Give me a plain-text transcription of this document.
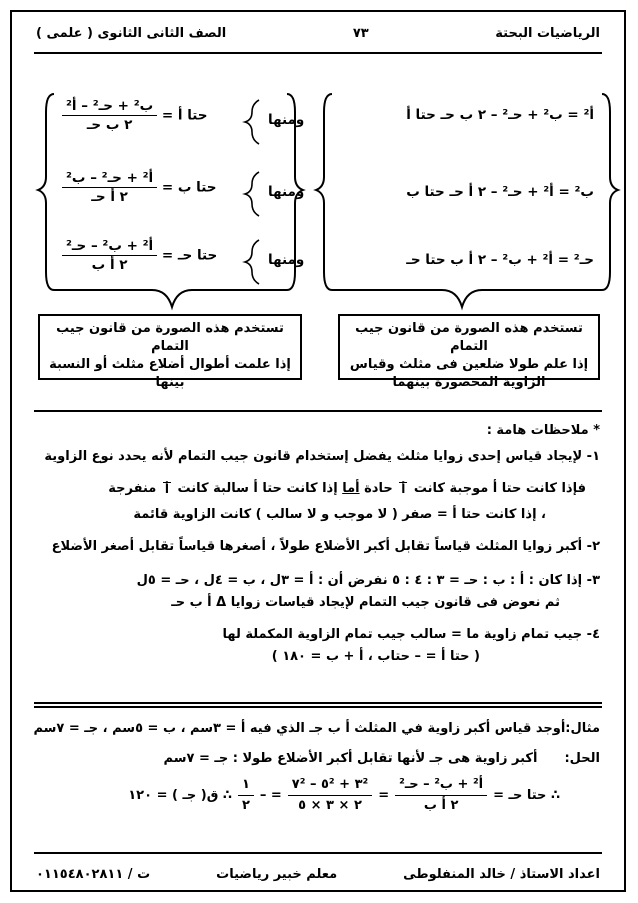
الرياضيات البحتة
٧٣
الصف الثانى الثانوى ( علمى )
أ² = ب² + حـ² – ٢ ب حـ حتا أ
ب² = أ² + حـ² – ٢ أ حـ حتا ب
حـ² = أ² + ب² – ٢ أ ب حتا حـ
ومنها
ومنها
ومنها
حتا أ =
$\frac{\text{ب² + حـ² – أ²}}{\text{٢ ب حـ}}$
حتا ب =
$\frac{\text{أ² + حـ² – ب²}}{\text{٢ أ حـ}}$
حتا حـ =
$\frac{\text{أ² + ب² – حـ²}}{\text{٢ أ ب}}$
تستخدم هذه الصورة من قانون جيب التمام
إذا علم طولا ضلعين فى مثلث وقياس
الزاوية المحصورة بينهما
تستخدم هذه الصورة من قانون جيب التمام
إذا علمت أطوال أضلاع مثلث أو النسبة
بينها
* ملاحظات هامة :
١- لإيجاد قياس إحدى زوايا مثلث يفضل إستخدام قانون جيب التمام لأنه يحدد نوع الزاوية
فإذا كانت حتا أ موجبة كانت أ حادة أما إذا كانت حتا أ سالبة كانت أ منفرجة
، إذا كانت حتا أ = صفر ( لا موجب و لا سالب ) كانت الزاوية قائمة
٢- أكبر زوايا المثلث قياساً تقابل أكبر الأضلاع طولاً ، أصغرها قياساً تقابل أصغر الأضلاع
٣- إذا كان : أ : ب : حـ = ٣ : ٤ : ٥ نفرض أن : أ = ٣ل ، ب = ٤ل ، حـ = ٥ل
ثم نعوض فى قانون جيب التمام لإيجاد قياسات زوايا Δ أ ب حـ
٤- جيب تمام زاوية ما = سالب جيب تمام الزاوية المكملة لها
( حتا أ = – حتاب ، أ + ب = ١٨٠ )
مثال:أوجد قياس أكبر زاوية في المثلث أ ب جـ الذي فيه أ = ٣سم ، ب = ٥سم ، جـ = ٧سم
الحل:  أكبر زاوية هى جـ لأنها تقابل أكبر الأضلاع طولا : جـ = ٧سم
∴ حتا حـ =
$\frac{\text{أ² + ب² – حـ²}}{\text{٢ أ ب}}$
=
$\frac{\text{٣² + ٥² – ٧²}}{٢ \times ٣ \times ٥}$
= –
$\frac{١}{٢}$
∴ ق( جـ ) = ١٢٠
اعداد الاستاذ / خالد المنفلوطى
معلم خبير رياضيات
ت / ٠١١٥٤٨٠٢٨١١
